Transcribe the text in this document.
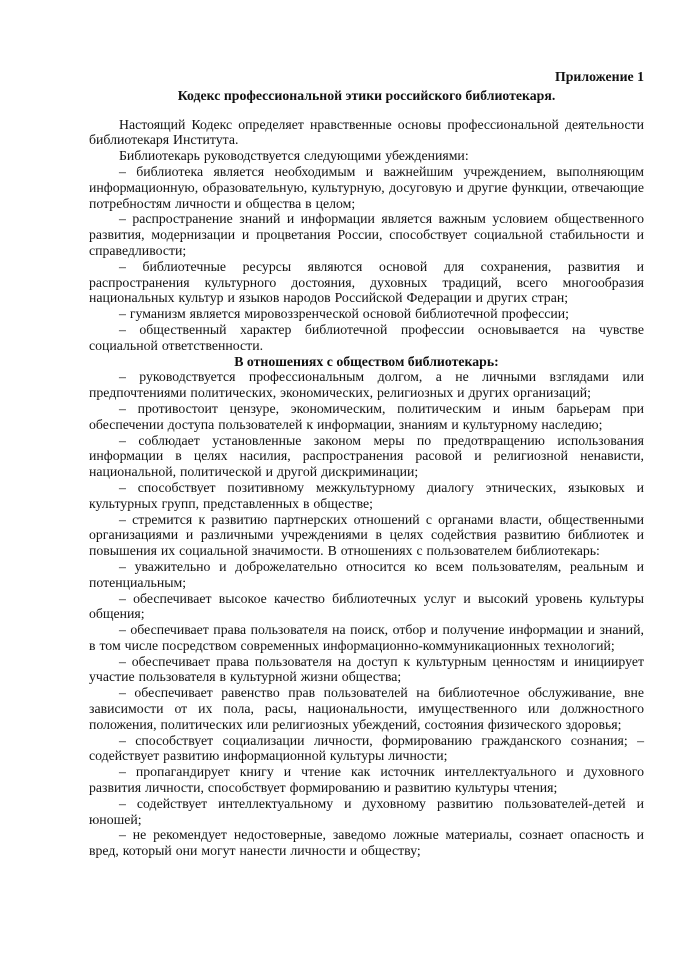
Приложение 1

Кодекс профессиональной этики российского библиотекаря.

Настоящий Кодекс определяет нравственные основы профессиональной деятельности библиотекаря Института.

Библиотекарь руководствуется следующими убеждениями:

– библиотека является необходимым и важнейшим учреждением, выполняющим информационную, образовательную, культурную, досуговую и другие функции, отвечающие потребностям личности и общества в целом;

– распространение знаний и информации является важным условием общественного развития, модернизации и процветания России, способствует социальной стабильности и справедливости;

– библиотечные ресурсы являются основой для сохранения, развития и распространения культурного достояния, духовных традиций, всего многообразия национальных культур и языков народов Российской Федерации и других стран;

– гуманизм является мировоззренческой основой библиотечной профессии;

– общественный характер библиотечной профессии основывается на чувстве социальной ответственности.

В отношениях с обществом библиотекарь:

– руководствуется профессиональным долгом, а не личными взглядами или предпочтениями политических, экономических, религиозных и других организаций;

– противостоит цензуре, экономическим, политическим и иным барьерам при обеспечении доступа пользователей к информации, знаниям и культурному наследию;

– соблюдает установленные законом меры по предотвращению использования информации в целях насилия, распространения расовой и религиозной ненависти, национальной, политической и другой дискриминации;

– способствует позитивному межкультурному диалогу этнических, языковых и культурных групп, представленных в обществе;

– стремится к развитию партнерских отношений с органами власти, общественными организациями и различными учреждениями в целях содействия развитию библиотек и повышения их социальной значимости. В отношениях с пользователем библиотекарь:

– уважительно и доброжелательно относится ко всем пользователям, реальным и потенциальным;

– обеспечивает высокое качество библиотечных услуг и высокий уровень культуры общения;

– обеспечивает права пользователя на поиск, отбор и получение информации и знаний, в том числе посредством современных информационно-коммуникационных технологий;

– обеспечивает права пользователя на доступ к культурным ценностям и инициирует участие пользователя в культурной жизни общества;

– обеспечивает равенство прав пользователей на библиотечное обслуживание, вне зависимости от их пола, расы, национальности, имущественного или должностного положения, политических или религиозных убеждений, состояния физического здоровья;

– способствует социализации личности, формированию гражданского сознания; – содействует развитию информационной культуры личности;

– пропагандирует книгу и чтение как источник интеллектуального и духовного развития личности, способствует формированию и развитию культуры чтения;

– содействует интеллектуальному и духовному развитию пользователей-детей и юношей;

– не рекомендует недостоверные, заведомо ложные материалы, сознает опасность и вред, который они могут нанести личности и обществу;
